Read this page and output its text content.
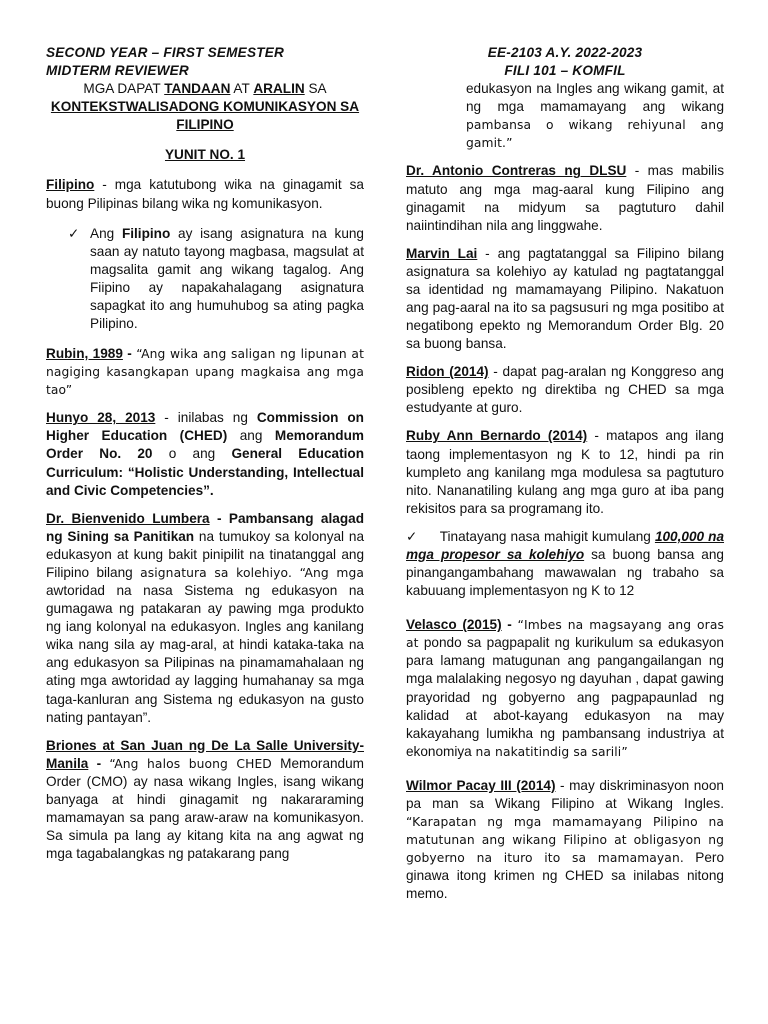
SECOND YEAR – FIRST SEMESTER
MIDTERM REVIEWER
MGA DAPAT TANDAAN AT ARALIN SA
KONTEKSTWALISADONG KOMUNIKASYON SA
FILIPINO
YUNIT NO. 1
Filipino - mga katutubong wika na ginagamit sa buong Pilipinas bilang wika ng komunikasyon.
✓ Ang Filipino ay isang asignatura na kung saan ay natuto tayong magbasa, magsulat at magsalita gamit ang wikang tagalog. Ang Fiipino ay napakahalagang asignatura sapagkat ito ang humuhubog sa ating pagka Pilipino.
Rubin, 1989 - “Ang wika ang saligan ng lipunan at nagiging kasangkapan upang magkaisa ang mga tao”
Hunyo 28, 2013 - inilabas ng Commission on Higher Education (CHED) ang Memorandum Order No. 20 o ang General Education Curriculum: “Holistic Understanding, Intellectual and Civic Competencies”.
Dr. Bienvenido Lumbera - Pambansang alagad ng Sining sa Panitikan na tumukoy sa kolonyal na edukasyon at kung bakit pinipilit na tinatanggal ang Filipino bilang asignatura sa kolehiyo. “Ang mga awtoridad na nasa Sistema ng edukasyon na gumagawa ng patakaran ay pawing mga produkto ng iang kolonyal na edukasyon. Ingles ang kanilang wika nang sila ay mag-aral, at hindi kataka-taka na ang edukasyon sa Pilipinas na pinamamahalaan ng ating mga awtoridad ay lagging humahanay sa mga taga-kanluran ang Sistema ng edukasyon na gusto nating pantayan”.
Briones at San Juan ng De La Salle University-Manila - “Ang halos buong CHED Memorandum Order (CMO) ay nasa wikang Ingles, isang wikang banyaga at hindi ginagamit ng nakararaming mamamayan sa pang araw-araw na komunikasyon. Sa simula pa lang ay kitang kita na ang agwat ng mga tagabalangkas ng patakarang pang
EE-2103 A.Y. 2022-2023
FILI 101 – KOMFIL
edukasyon na Ingles ang wikang gamit, at ng mga mamamayang ang wikang pambansa o wikang rehiyunal ang gamit.”
Dr. Antonio Contreras ng DLSU - mas mabilis matuto ang mga mag-aaral kung Filipino ang ginagamit na midyum sa pagtuturo dahil naiintindihan nila ang linggwahe.
Marvin Lai - ang pagtatanggal sa Filipino bilang asignatura sa kolehiyo ay katulad ng pagtatanggal sa identidad ng mamamayang Pilipino. Nakatuon ang pag-aaral na ito sa pagsusuri ng mga positibo at negatibong epekto ng Memorandum Order Blg. 20 sa buong bansa.
Ridon (2014) - dapat pag-aralan ng Konggreso ang posibleng epekto ng direktiba ng CHED sa mga estudyante at guro.
Ruby Ann Bernardo (2014) - matapos ang ilang taong implementasyon ng K to 12, hindi pa rin kumpleto ang kanilang mga modulesa sa pagtuturo nito. Nananatiling kulang ang mga guro at iba pang rekisitos para sa programang ito.
✓ Tinatayang nasa mahigit kumulang 100,000 na mga propesor sa kolehiyo sa buong bansa ang pinangangambahang mawawalan ng trabaho sa kabuuang implementasyon ng K to 12
Velasco (2015) - “Imbes na magsayang ang oras at pondo sa pagpapalit ng kurikulum sa edukasyon para lamang matugunan ang pangangailangan ng mga malalaking negosyo ng dayuhan , dapat gawing prayoridad ng gobyerno ang pagpapaunlad ng kalidad at abot-kayang edukasyon na may kakayahang lumikha ng pambansang industriya at ekonomiya na nakatitindig sa sarili”
Wilmor Pacay III (2014) - may diskriminasyon noon pa man sa Wikang Filipino at Wikang Ingles. “Karapatan ng mga mamamayang Pilipino na matutunan ang wikang Filipino at obligasyon ng gobyerno na ituro ito sa mamamayan. Pero ginawa itong krimen ng CHED sa inilabas nitong memo.
